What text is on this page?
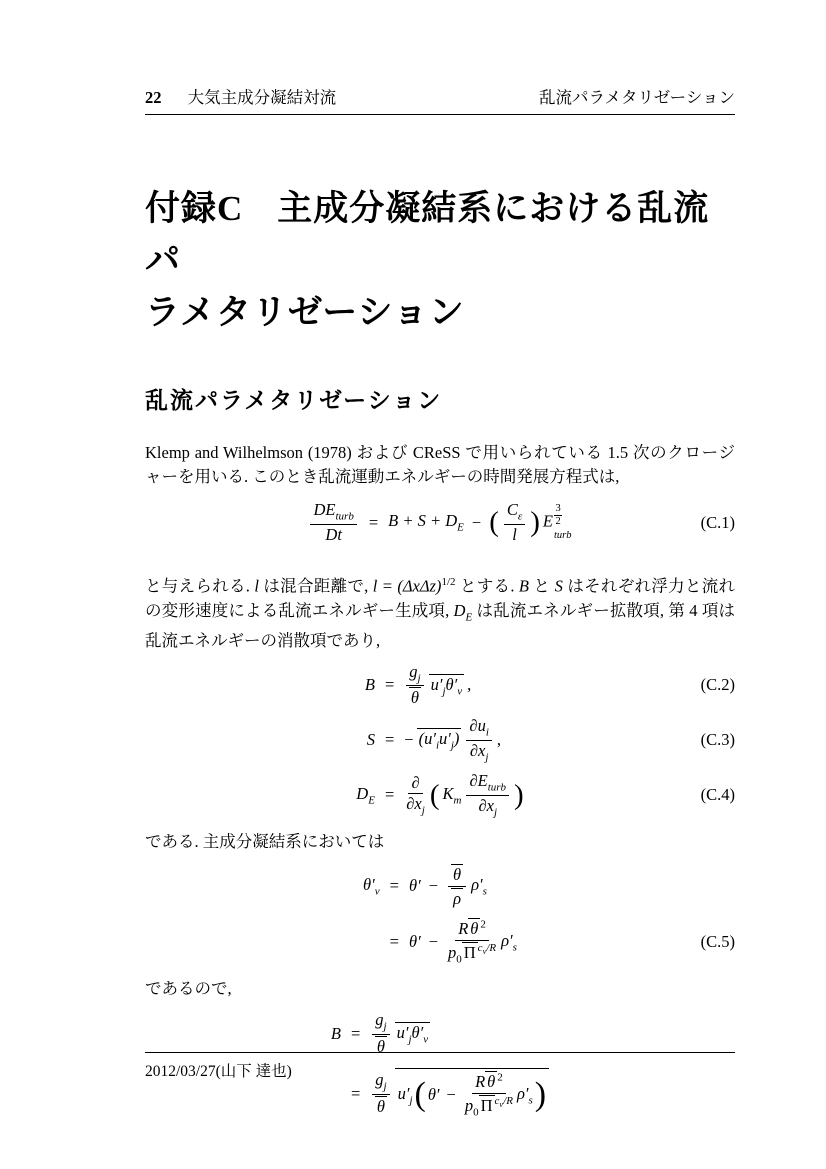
22 大気主成分凝結対流	乱流パラメタリゼーション
付録C 主成分凝結系における乱流パ
ラメタリゼーション
乱流パラメタリゼーション

Klemp and Wilhelmson (1978) および CReSS で用いられている 1.5 次のクロージャーを用いる. このとき乱流運動エネルギーの時間発展方程式は,

$\frac{DE_{turb}}{Dt} = B + S + D_E$ − ( $\frac{C_\varepsilon}{l}$ ) E
3
2
turb
(C.1)

と与えられる. l は混合距離で, $l = (\Delta x\Delta z)^{1/2}$ とする. B と S はそれぞれ浮力と流れの変形速度による乱流エネルギー生成項, $D_E$ は乱流エネルギー拡散項, 第 4 項は乱流エネルギーの消散項であり,

$B = \frac{g_j}{\theta} u'_j\theta'_v$ ,	(C.2)
S = − $(u'_iu'_j) \frac{\partial u_i}{\partial x_j}$ ,	(C.3)
$D_E = \frac{\partial}{\partial x_j}$ ( $K_m \frac{\partial E_{turb}}{\partial x_j}$ )	(C.4)

である. 主成分凝結系においては

$\theta'_v = \theta' - \frac{\theta}{\rho} \rho'_s$
= $\theta' - \frac{R \theta ^2}{p_0 \Pi ^{c_v/R}} \rho'_s$	(C.5)

であるので,

$B = \frac{g_j}{\theta} u'_j\theta'_v$
= $\frac{g_j}{\theta} u'_j$ ( $\theta' - \frac{R \theta ^2}{p_0 \Pi ^{c_v/R}} \rho'_s$ )
2012/03/27(山下 達也)
